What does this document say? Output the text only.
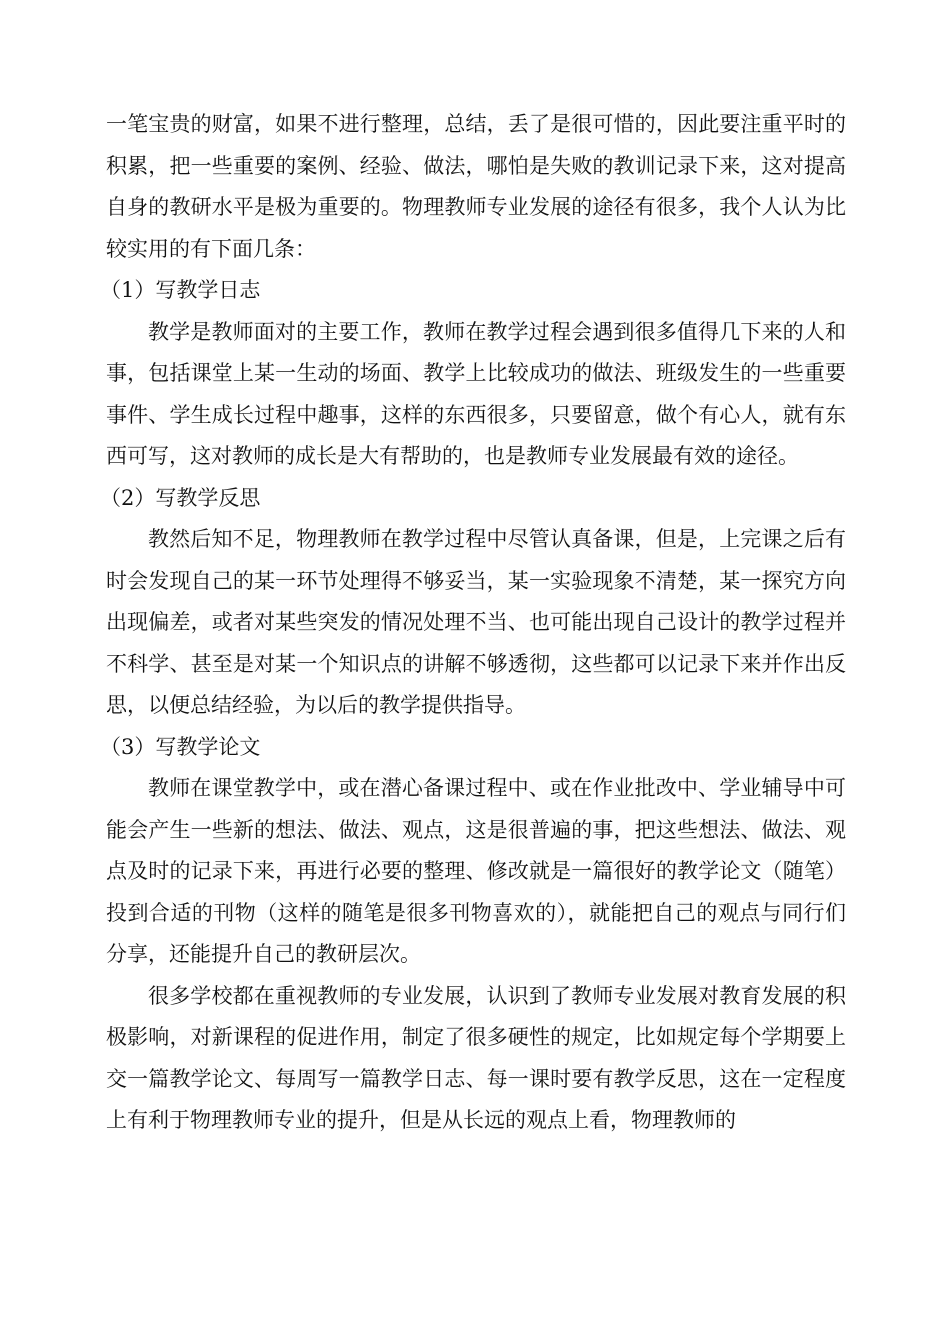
一笔宝贵的财富，如果不进行整理，总结，丢了是很可惜的，因此要注重平时的积累，把一些重要的案例、经验、做法，哪怕是失败的教训记录下来，这对提高自身的教研水平是极为重要的。物理教师专业发展的途径有很多，我个人认为比较实用的有下面几条：

（1）写教学日志

教学是教师面对的主要工作，教师在教学过程会遇到很多值得几下来的人和事，包括课堂上某一生动的场面、教学上比较成功的做法、班级发生的一些重要事件、学生成长过程中趣事，这样的东西很多，只要留意，做个有心人，就有东西可写，这对教师的成长是大有帮助的，也是教师专业发展最有效的途径。

（2）写教学反思

教然后知不足，物理教师在教学过程中尽管认真备课，但是，上完课之后有时会发现自己的某一环节处理得不够妥当，某一实验现象不清楚，某一探究方向出现偏差，或者对某些突发的情况处理不当、也可能出现自己设计的教学过程并不科学、甚至是对某一个知识点的讲解不够透彻，这些都可以记录下来并作出反思，以便总结经验，为以后的教学提供指导。

（3）写教学论文

教师在课堂教学中，或在潜心备课过程中、或在作业批改中、学业辅导中可能会产生一些新的想法、做法、观点，这是很普遍的事，把这些想法、做法、观点及时的记录下来，再进行必要的整理、修改就是一篇很好的教学论文（随笔）投到合适的刊物（这样的随笔是很多刊物喜欢的），就能把自己的观点与同行们分享，还能提升自己的教研层次。

很多学校都在重视教师的专业发展，认识到了教师专业发展对教育发展的积极影响，对新课程的促进作用，制定了很多硬性的规定，比如规定每个学期要上交一篇教学论文、每周写一篇教学日志、每一课时要有教学反思，这在一定程度上有利于物理教师专业的提升，但是从长远的观点上看，物理教师的
